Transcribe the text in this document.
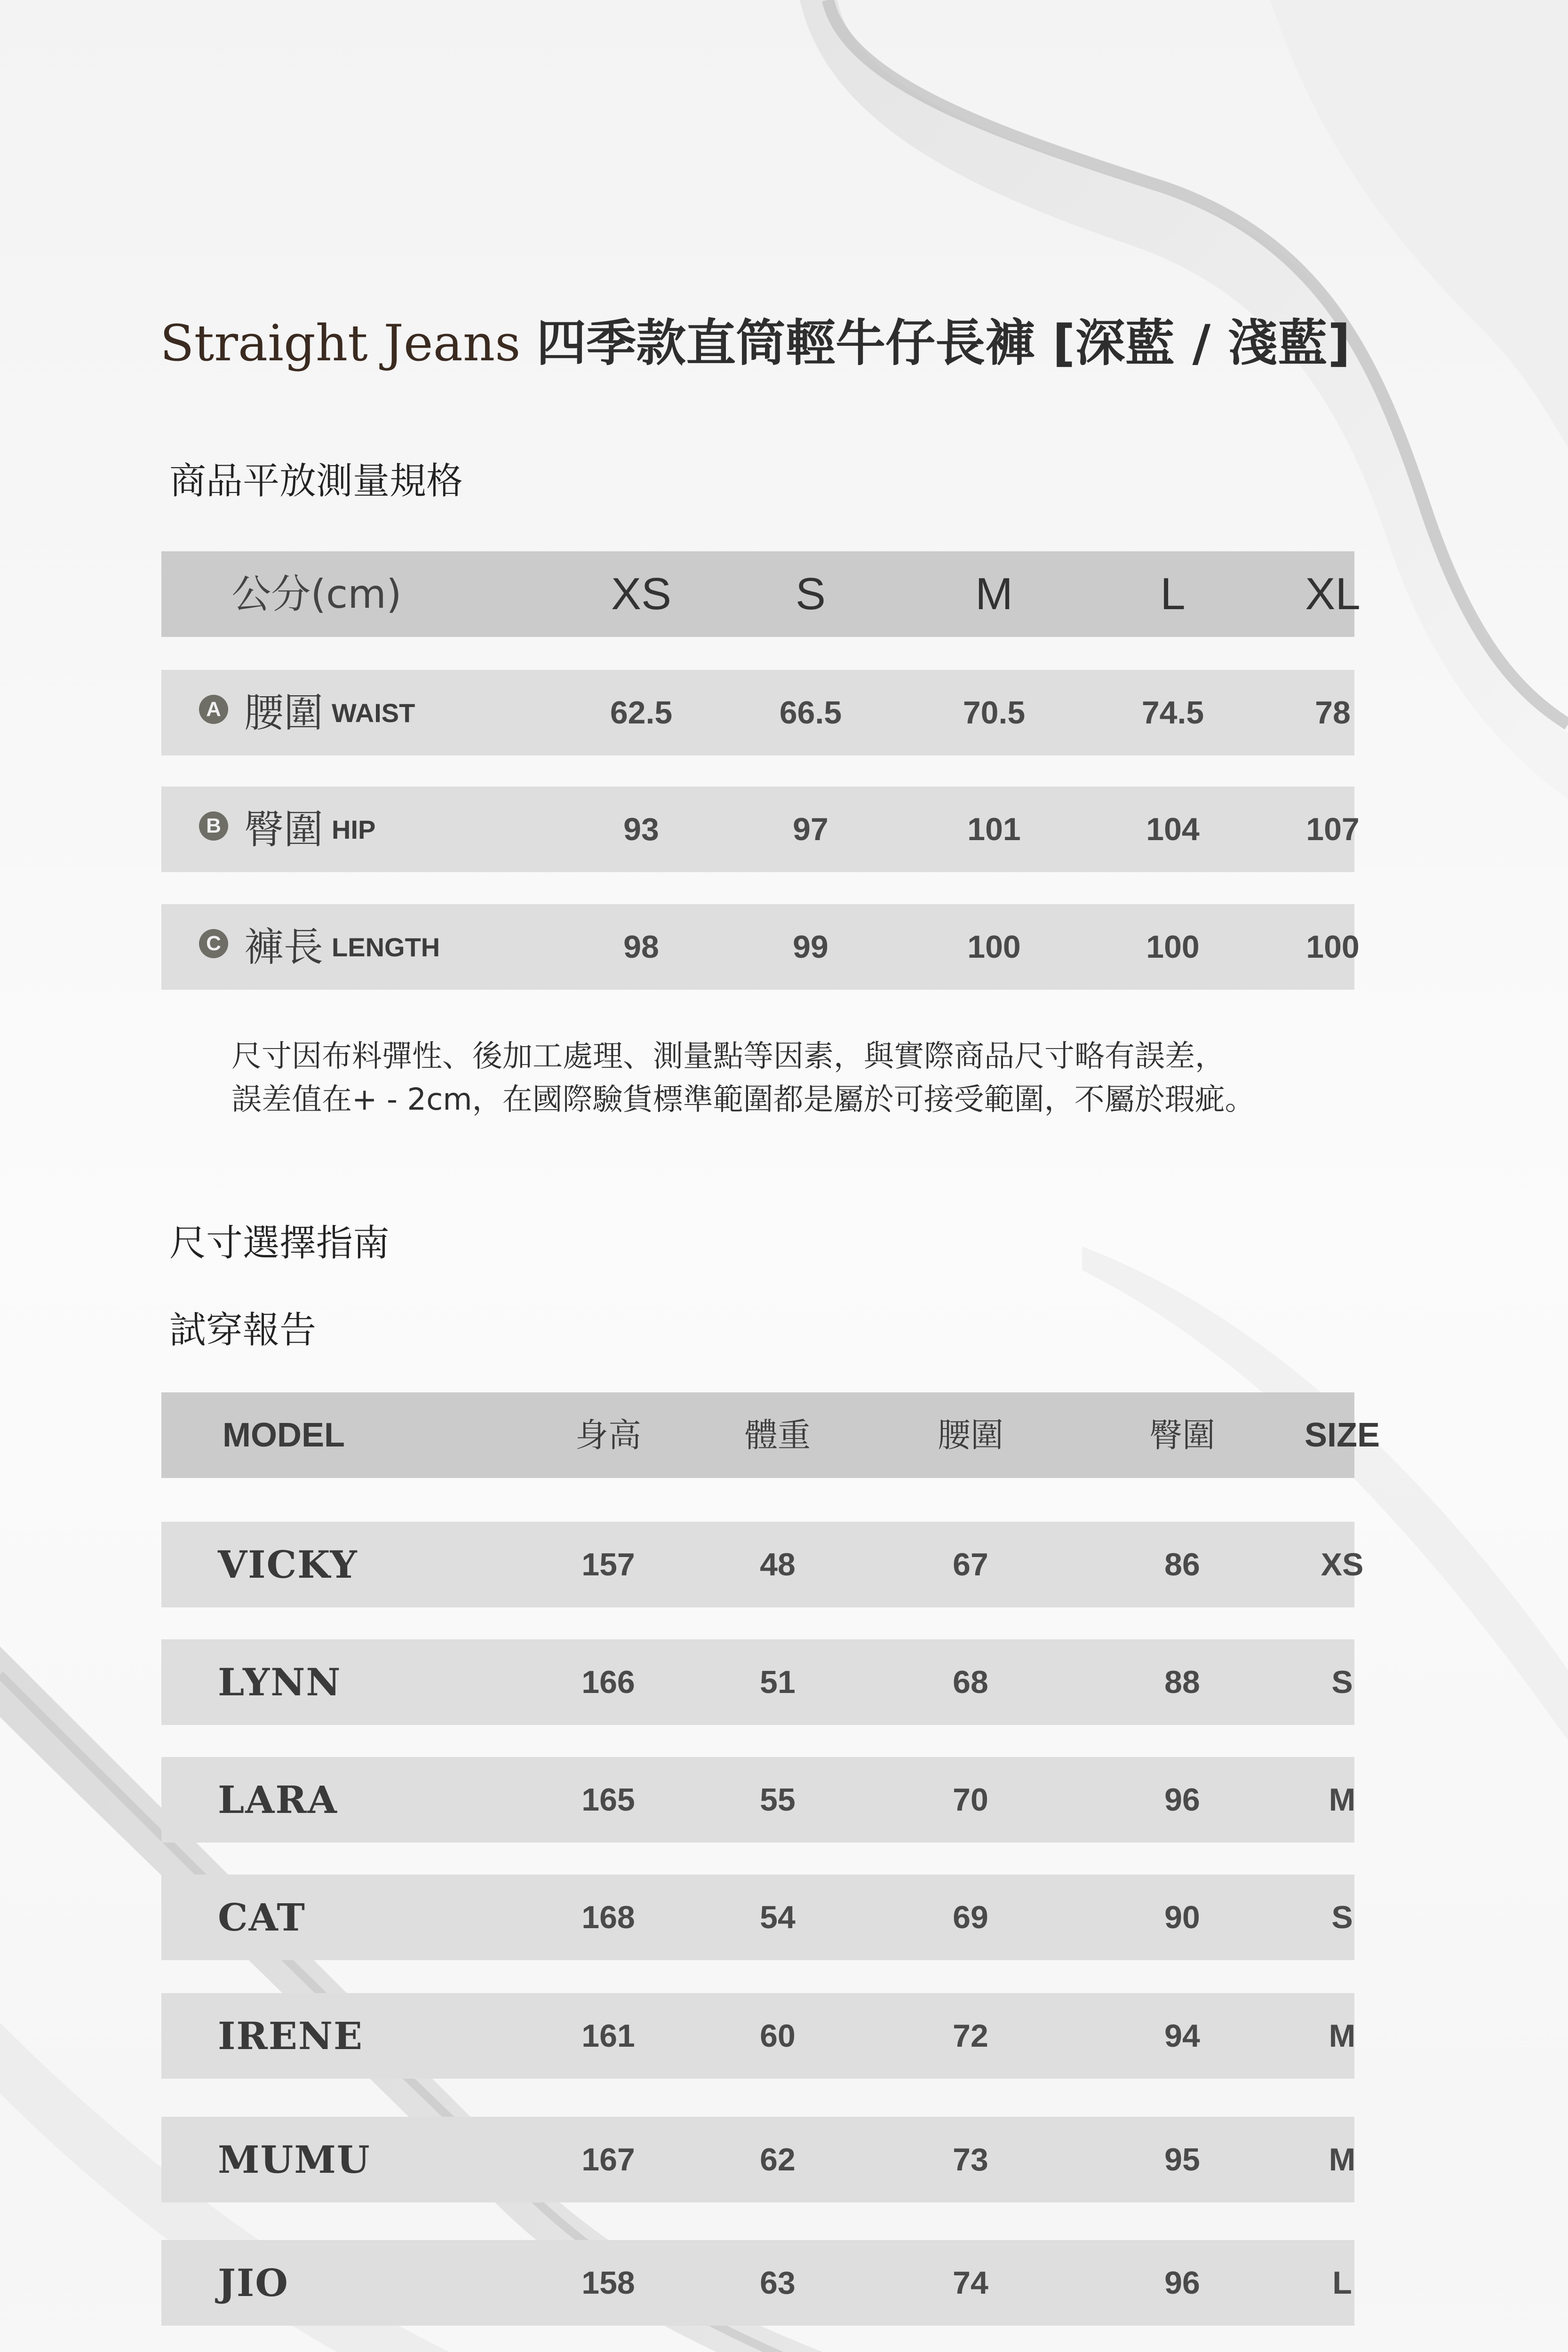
Straight Jeans 四季款直筒輕牛仔長褲 [深藍 / 淺藍]
商品平放測量規格
公分(cm)	XS	S	M	L	XL
A 腰圍 WAIST	62.5	66.5	70.5	74.5	78
B 臀圍 HIP	93	97	101	104	107
C 褲長 LENGTH	98	99	100	100	100
尺寸因布料彈性、後加工處理、測量點等因素，與實際商品尺寸略有誤差，
誤差值在+ - 2cm，在國際驗貨標準範圍都是屬於可接受範圍，不屬於瑕疵。
尺寸選擇指南
試穿報告
MODEL	身高	體重	腰圍	臀圍	SIZE
VICKY	157	48	67	86	XS
LYNN	166	51	68	88	S
LARA	165	55	70	96	M
CAT	168	54	69	90	S
IRENE	161	60	72	94	M
MUMU	167	62	73	95	M
JIO	158	63	74	96	L
